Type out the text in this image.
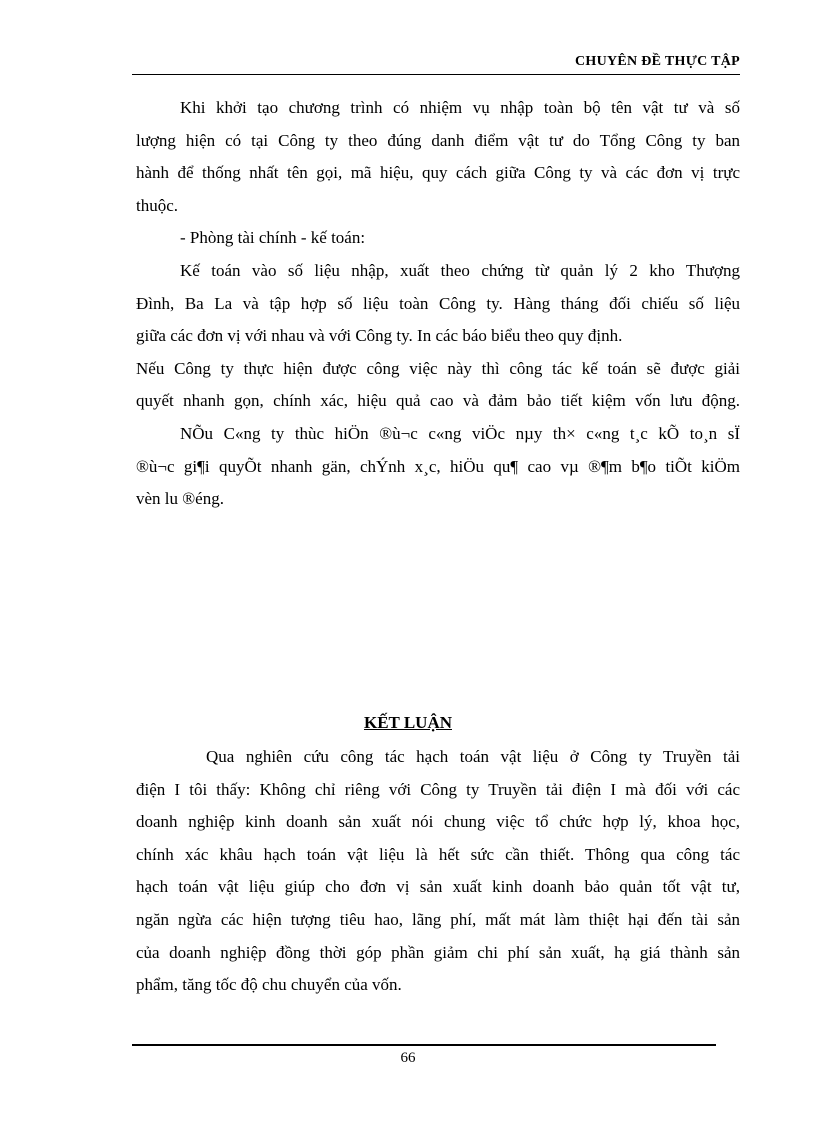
CHUYÊN ĐỀ THỰC TẬP
Khi khởi tạo chương trình có nhiệm vụ nhập toàn bộ tên vật tư và số
lượng hiện có tại Công ty theo đúng danh điểm vật tư do Tổng Công ty ban
hành để thống nhất tên gọi, mã hiệu, quy cách giữa Công ty và các đơn vị trực
thuộc.
- Phòng tài chính - kế toán:
Kế toán vào số liệu nhập, xuất theo chứng từ quản lý 2 kho Thượng
Đình, Ba La và tập hợp số liệu toàn Công ty. Hàng tháng đối chiếu số liệu
giữa các đơn vị với nhau và với Công ty. In các báo biểu theo quy định.
Nếu Công ty thực hiện được công việc này thì công tác kế toán sẽ được giải
quyết nhanh gọn, chính xác, hiệu quả cao và đảm bảo tiết kiệm vốn lưu động.
NÕu C«ng ty thùc hiÖn ®ù¬c c«ng viÖc nµy th× c«ng t¸c kÕ to¸n sÏ
®ù¬c gi¶i quyÕt nhanh gän, chÝnh x¸c, hiÖu qu¶ cao vµ ®¶m b¶o tiÕt kiÖm
vèn lu ®éng.
KẾT LUẬN
Qua nghiên cứu công tác hạch toán vật liệu ở Công ty Truyền tải
điện I tôi thấy: Không chỉ riêng với Công ty Truyền tải điện I mà đối với các
doanh nghiệp kinh doanh sản xuất nói chung việc tổ chức hợp lý, khoa học,
chính xác khâu hạch toán vật liệu là hết sức cần thiết. Thông qua công tác
hạch toán vật liệu giúp cho đơn vị sản xuất kinh doanh bảo quản tốt vật tư,
ngăn ngừa các hiện tượng tiêu hao, lãng phí, mất mát làm thiệt hại đến tài sản
của doanh nghiệp đồng thời góp phần giảm chi phí sản xuất, hạ giá thành sản
phẩm, tăng tốc độ chu chuyển của vốn.
66
